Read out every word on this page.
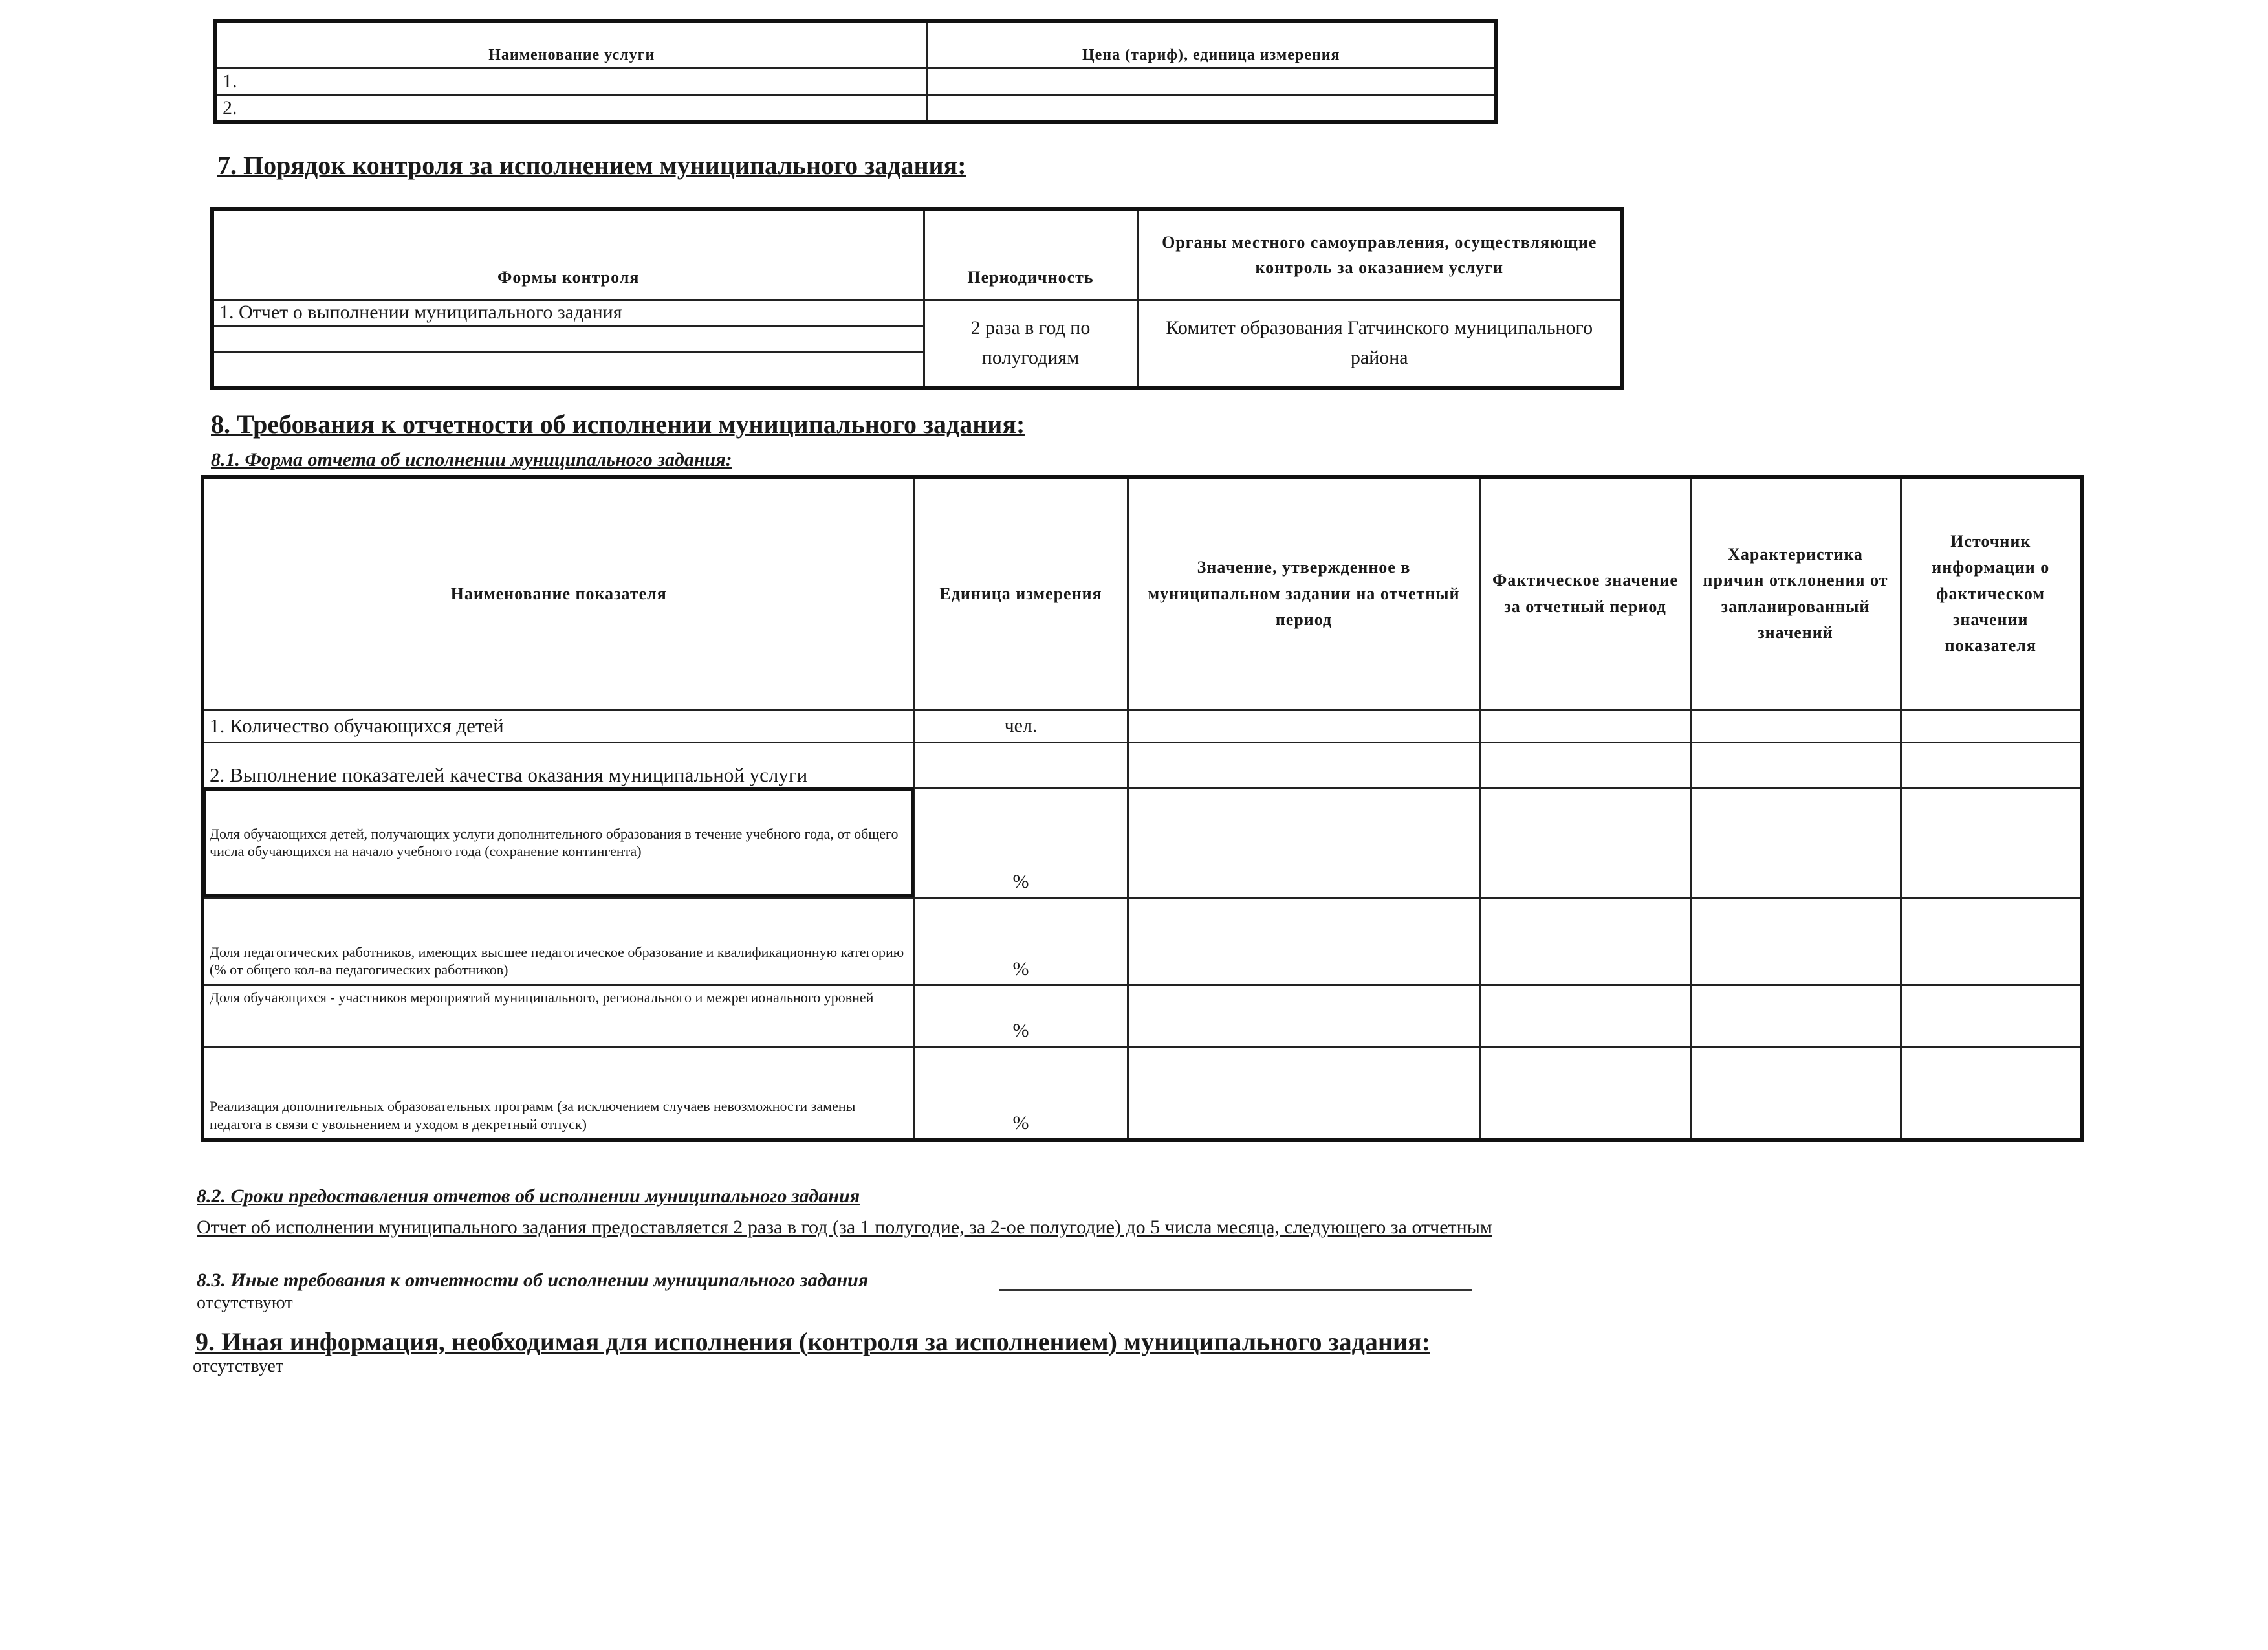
Наименование услуги	Цена (тариф), единица измерения
1.	
2.	
7. Порядок контроля за исполнением муниципального задания:
Формы контроля	Периодичность	Органы местного самоуправления, осуществляющие контроль за оказанием услуги
1. Отчет о выполнении муниципального задания	2 раза в год по полугодиям	Комитет образования Гатчинского муниципального района

8. Требования к отчетности об исполнении муниципального задания:
8.1. Форма отчета об исполнении муниципального задания:
Наименование показателя	Единица измерения	Значение, утвержденное в муниципальном задании на отчетный период	Фактическое значение за отчетный период	Характеристика причин отклонения от запланированный значений	Источник информации о фактическом значении показателя
1. Количество обучающихся детей	чел.				
2. Выполнение показателей качества оказания муниципальной услуги					
Доля обучающихся детей, получающих услуги дополнительного образования в течение учебного года, от общего числа обучающихся на начало учебного года (сохранение контингента)	%				
Доля педагогических работников, имеющих высшее педагогическое образование и квалификационную категорию (% от общего кол-ва педагогических работников)	%				
Доля обучающихся - участников мероприятий муниципального, регионального и межрегионального уровней	%				
Реализация дополнительных образовательных программ (за исключением случаев невозможности замены педагога в связи с увольнением и уходом в декретный отпуск)	%				
8.2. Сроки предоставления отчетов об исполнении муниципального задания
Отчет об исполнении муниципального задания предоставляется 2 раза в год (за 1 полугодие, за 2-ое полугодие) до 5 числа месяца, следующего за отчетным
8.3. Иные требования к отчетности об исполнении муниципального задания
отсутствуют
9. Иная информация, необходимая для исполнения (контроля за исполнением) муниципального задания:
отсутствует
